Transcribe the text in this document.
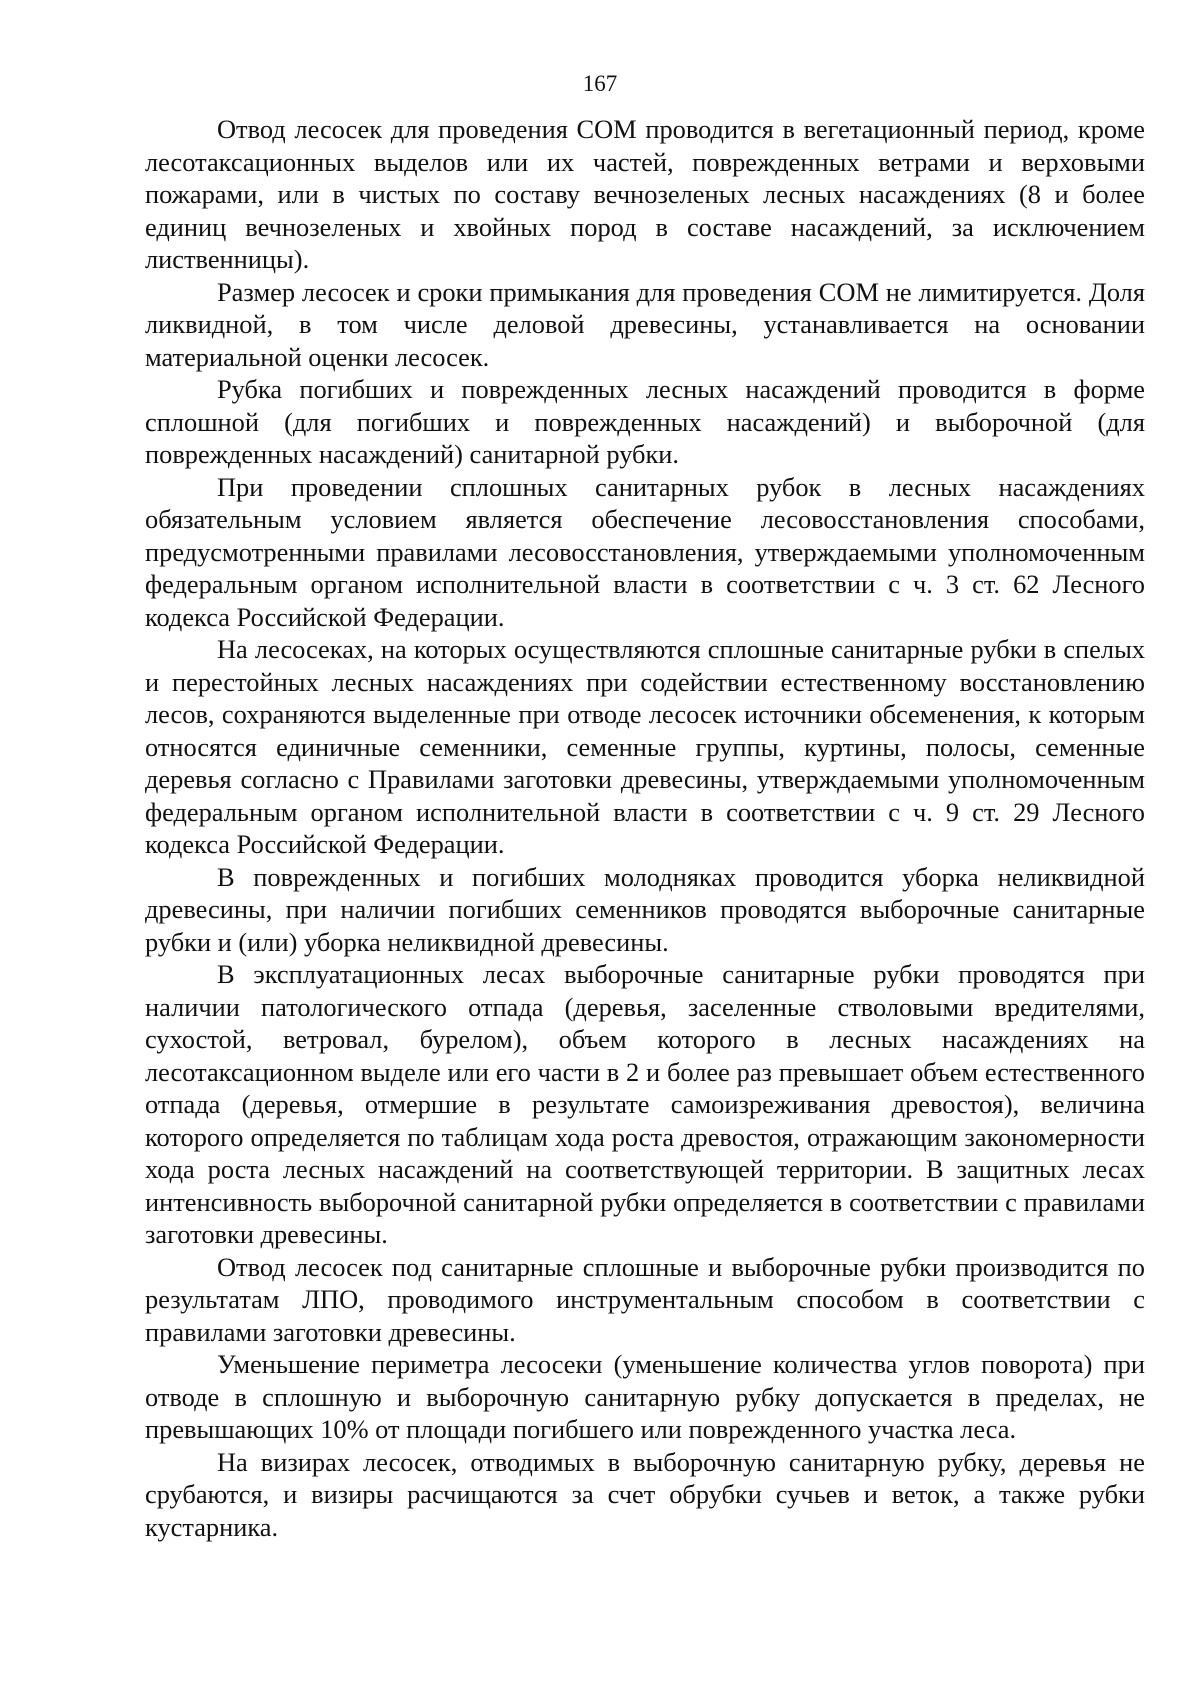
167

Отвод лесосек для проведения СОМ проводится в вегетационный период, кроме лесотаксационных выделов или их частей, поврежденных ветрами и верховыми пожарами, или в чистых по составу вечнозеленых лесных насаждениях (8 и более единиц вечнозеленых и хвойных пород в составе насаждений, за исключением лиственницы).

Размер лесосек и сроки примыкания для проведения СОМ не лимитируется. Доля ликвидной, в том числе деловой древесины, устанавливается на основании материальной оценки лесосек.

Рубка погибших и поврежденных лесных насаждений проводится в форме сплошной (для погибших и поврежденных насаждений) и выборочной (для поврежденных насаждений) санитарной рубки.

При проведении сплошных санитарных рубок в лесных насаждениях обязательным условием является обеспечение лесовосстановления способами, предусмотренными правилами лесовосстановления, утверждаемыми уполномоченным федеральным органом исполнительной власти в соответствии с ч. 3 ст. 62 Лесного кодекса Российской Федерации.

На лесосеках, на которых осуществляются сплошные санитарные рубки в спелых и перестойных лесных насаждениях при содействии естественному восстановлению лесов, сохраняются выделенные при отводе лесосек источники обсеменения, к которым относятся единичные семенники, семенные группы, куртины, полосы, семенные деревья согласно с Правилами заготовки древесины, утверждаемыми уполномоченным федеральным органом исполнительной власти в соответствии с ч. 9 ст. 29 Лесного кодекса Российской Федерации.

В поврежденных и погибших молодняках проводится уборка неликвидной древесины, при наличии погибших семенников проводятся выборочные санитарные рубки и (или) уборка неликвидной древесины.

В эксплуатационных лесах выборочные санитарные рубки проводятся при наличии патологического отпада (деревья, заселенные стволовыми вредителями, сухостой, ветровал, бурелом), объем которого в лесных насаждениях на лесотаксационном выделе или его части в 2 и более раз превышает объем естественного отпада (деревья, отмершие в результате самоизреживания древостоя), величина которого определяется по таблицам хода роста древостоя, отражающим закономерности хода роста лесных насаждений на соответствующей территории. В защитных лесах интенсивность выборочной санитарной рубки определяется в соответствии с правилами заготовки древесины.

Отвод лесосек под санитарные сплошные и выборочные рубки производится по результатам ЛПО, проводимого инструментальным способом в соответствии с правилами заготовки древесины.

Уменьшение периметра лесосеки (уменьшение количества углов поворота) при отводе в сплошную и выборочную санитарную рубку допускается в пределах, не превышающих 10% от площади погибшего или поврежденного участка леса.

На визирах лесосек, отводимых в выборочную санитарную рубку, деревья не срубаются, и визиры расчищаются за счет обрубки сучьев и веток, а также рубки кустарника.
